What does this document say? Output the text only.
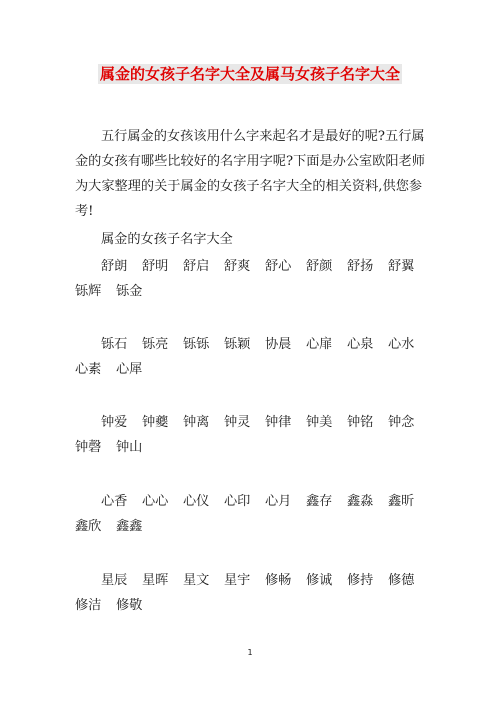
属金的女孩子名字大全及属马女孩子名字大全

五行属金的女孩该用什么字来起名才是最好的呢?五行属金的女孩有哪些比较好的名字用字呢?下面是办公室欧阳老师为大家整理的关于属金的女孩子名字大全的相关资料,供您参考!

属金的女孩子名字大全

舒朗	舒明	舒启	舒爽	舒心	舒颜	舒扬	舒翼
铄辉	铄金
铄石	铄亮	铄铄	铄颖	协晨	心扉	心泉	心水
心素	心犀
钟爱	钟夔	钟离	钟灵	钟律	钟美	钟铭	钟念
钟磬	钟山
心香	心心	心仪	心印	心月	鑫存	鑫淼	鑫昕
鑫欣	鑫鑫
星辰	星晖	星文	星宇	修畅	修诚	修持	修德
修洁	修敬
1
